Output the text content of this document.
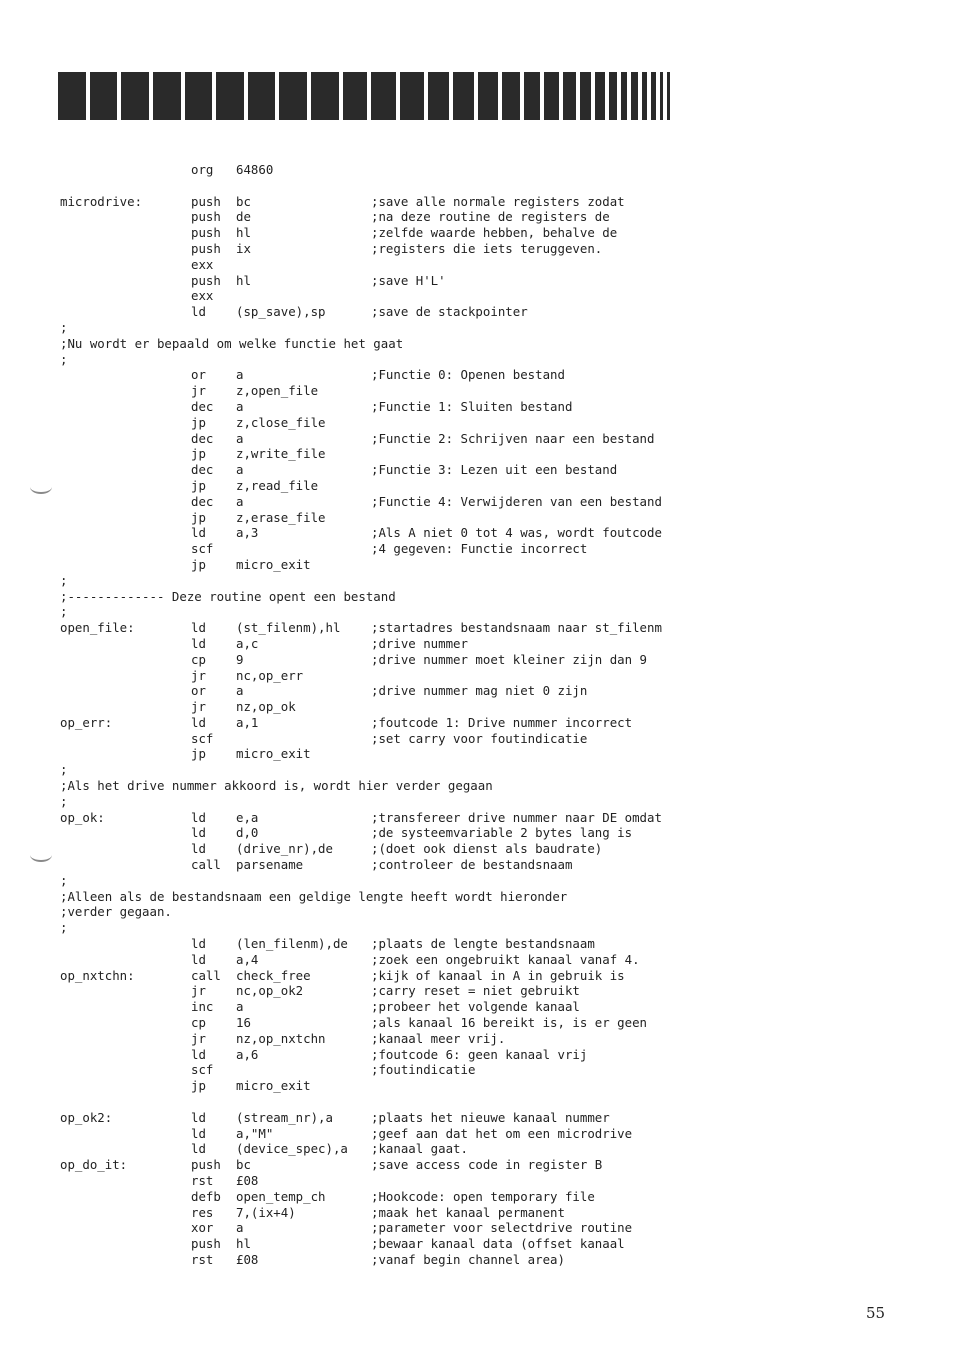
org 64860
microdrive:	push bc	;save alle normale registers zodat
push de	;na deze routine de registers de
push hl	;zelfde waarde hebben, behalve de
push ix	;registers die iets teruggeven.
exx
push hl	;save H'L'
exx
ld (sp_save),sp	;save de stackpointer
;
;Nu wordt er bepaald om welke functie het gaat
;
or a	;Functie 0: Openen bestand
jr z,open_file
dec a	;Functie 1: Sluiten bestand
jp z,close_file
dec a	;Functie 2: Schrijven naar een bestand
jp z,write_file
dec a	;Functie 3: Lezen uit een bestand
jp z,read_file
dec a	;Functie 4: Verwijderen van een bestand
jp z,erase_file
ld a,3	;Als A niet 0 tot 4 was, wordt foutcode
scf	;4 gegeven: Functie incorrect
jp micro_exit
;
;------------- Deze routine opent een bestand
;
open_file:	ld (st_filenm),hl ;startadres bestandsnaam naar st_filenm
ld a,c	;drive nummer
cp 9	;drive nummer moet kleiner zijn dan 9
jr nc,op_err
or a	;drive nummer mag niet 0 zijn
jr nz,op_ok
op_err:	ld a,1	;foutcode 1: Drive nummer incorrect
scf	;set carry voor foutindicatie
jp micro_exit
;
;Als het drive nummer akkoord is, wordt hier verder gegaan
;
op_ok:	ld e,a	;transfereer drive nummer naar DE omdat
ld d,0	;de systeemvariable 2 bytes lang is
ld (drive_nr),de	;(doet ook dienst als baudrate)
call parsename	;controleer de bestandsnaam
;
;Alleen als de bestandsnaam een geldige lengte heeft wordt hieronder
;verder gegaan.
;
ld (len_filenm),de ;plaats de lengte bestandsnaam
ld a,4	;zoek een ongebruikt kanaal vanaf 4.
op_nxtchn:	call check_free	;kijk of kanaal in A in gebruik is
jr nc,op_ok2	;carry reset = niet gebruikt
inc a	;probeer het volgende kanaal
cp 16	;als kanaal 16 bereikt is, is er geen
jr nz,op_nxtchn	;kanaal meer vrij.
ld a,6	;foutcode 6: geen kanaal vrij
scf	;foutindicatie
jp micro_exit
op_ok2:	ld (stream_nr),a	;plaats het nieuwe kanaal nummer
ld a,"M"	;geef aan dat het om een microdrive
ld (device_spec),a ;kanaal gaat.
op_do_it:	push bc	;save access code in register B
rst £08
defb open_temp_ch	;Hookcode: open temporary file
res 7,(ix+4)	;maak het kanaal permanent
xor a	;parameter voor selectdrive routine
push hl	;bewaar kanaal data (offset kanaal
rst £08	;vanaf begin channel area)
55
